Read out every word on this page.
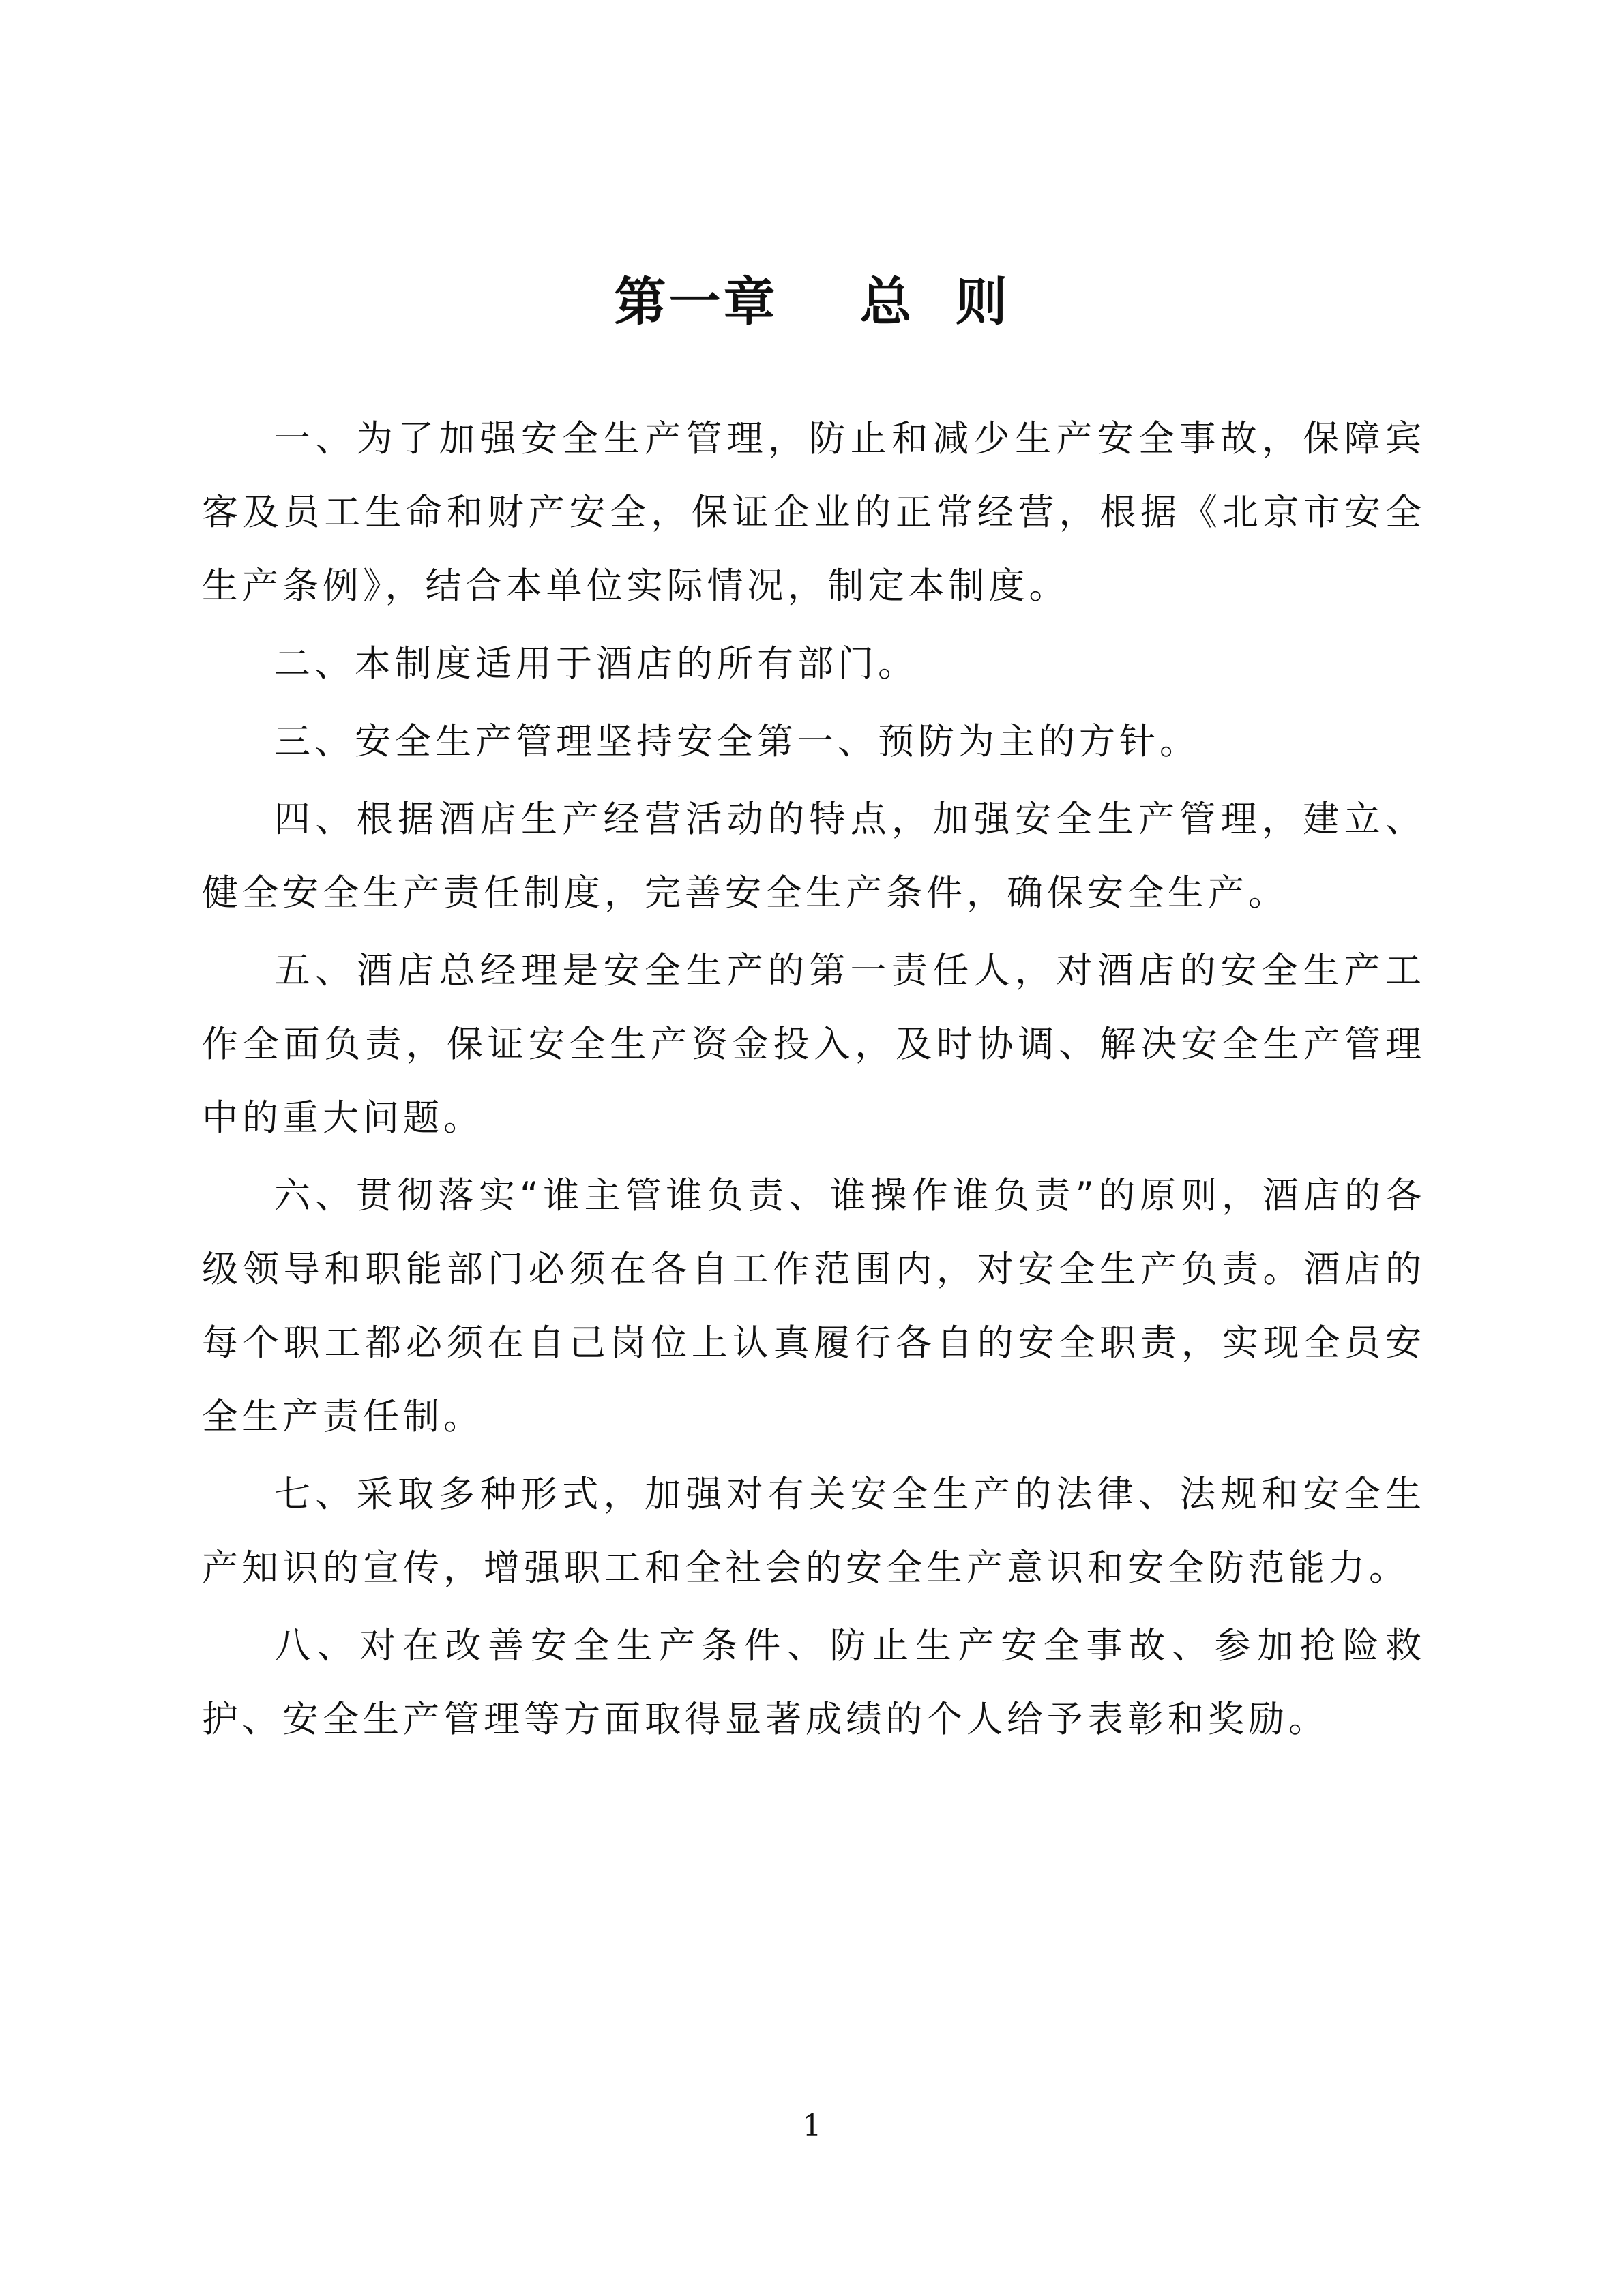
第一章 总 则

一、为了加强安全生产管理，防止和减少生产安全事故，保障宾客及员工生命和财产安全，保证企业的正常经营，根据《北京市安全生产条例》，结合本单位实际情况，制定本制度。

二、本制度适用于酒店的所有部门。

三、安全生产管理坚持安全第一、预防为主的方针。

四、根据酒店生产经营活动的特点，加强安全生产管理，建立、健全安全生产责任制度，完善安全生产条件，确保安全生产。

五、酒店总经理是安全生产的第一责任人，对酒店的安全生产工作全面负责，保证安全生产资金投入，及时协调、解决安全生产管理中的重大问题。

六、贯彻落实“谁主管谁负责、谁操作谁负责”的原则，酒店的各级领导和职能部门必须在各自工作范围内，对安全生产负责。酒店的每个职工都必须在自己岗位上认真履行各自的安全职责，实现全员安全生产责任制。

七、采取多种形式，加强对有关安全生产的法律、法规和安全生产知识的宣传，增强职工和全社会的安全生产意识和安全防范能力。

八、对在改善安全生产条件、防止生产安全事故、参加抢险救护、安全生产管理等方面取得显著成绩的个人给予表彰和奖励。

1
